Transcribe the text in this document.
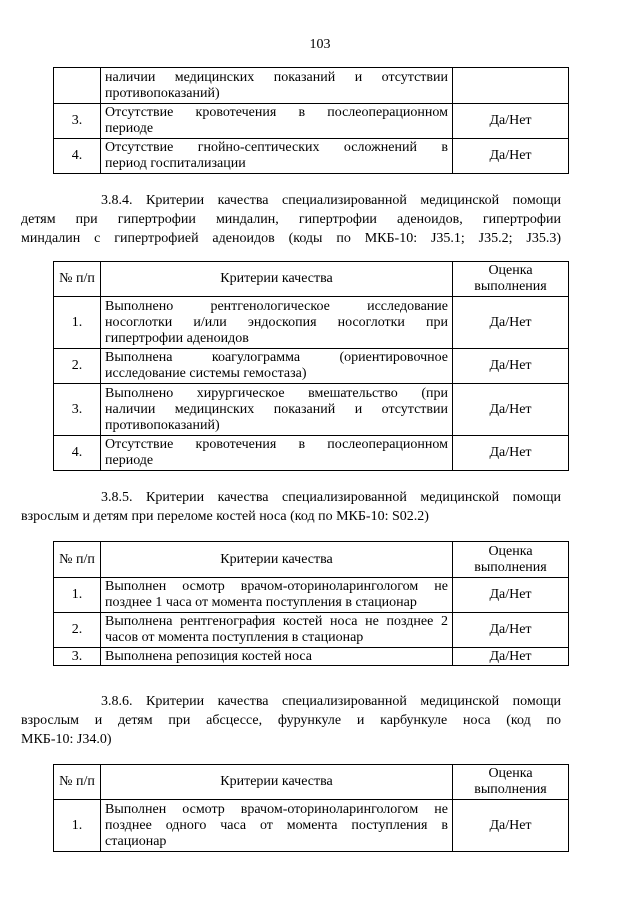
103

	наличии медицинских показаний и отсутствии
противопоказаний)	

3.	Отсутствие кровотечения в послеоперационном
периоде	Да/Нет
4.	Отсутствие гнойно-септических осложнений в
период госпитализации	Да/Нет
3.8.4. Критерии качества специализированной медицинской помощи
детям при гипертрофии миндалин, гипертрофии аденоидов, гипертрофии
миндалин с гипертрофией аденоидов (коды по МКБ-10: J35.1; J35.2; J35.3)
№ п/п	Критерии качества	Оценка выполнения
1.	Выполнено рентгенологическое исследование
носоглотки и/или эндоскопия носоглотки при
гипертрофии аденоидов	Да/Нет
2.	Выполнена коагулограмма (ориентировочное
исследование системы гемостаза)	Да/Нет
3.	Выполнено хирургическое вмешательство (при
наличии медицинских показаний и отсутствии
противопоказаний)	Да/Нет
4.	Отсутствие кровотечения в послеоперационном
периоде	Да/Нет
3.8.5. Критерии качества специализированной медицинской помощи
взрослым и детям при переломе костей носа (код по МКБ-10: S02.2)
№ п/п	Критерии качества	Оценка выполнения
1.	Выполнен осмотр врачом-оториноларингологом не
позднее 1 часа от момента поступления в стационар	Да/Нет
2.	Выполнена рентгенография костей носа не позднее 2
часов от момента поступления в стационар	Да/Нет
3.	Выполнена репозиция костей носа	Да/Нет
3.8.6. Критерии качества специализированной медицинской помощи
взрослым и детям при абсцессе, фурункуле и карбункуле носа (код по
МКБ-10: J34.0)
№ п/п	Критерии качества	Оценка выполнения
1.	Выполнен осмотр врачом-оториноларингологом не
позднее одного часа от момента поступления в
стационар	Да/Нет
